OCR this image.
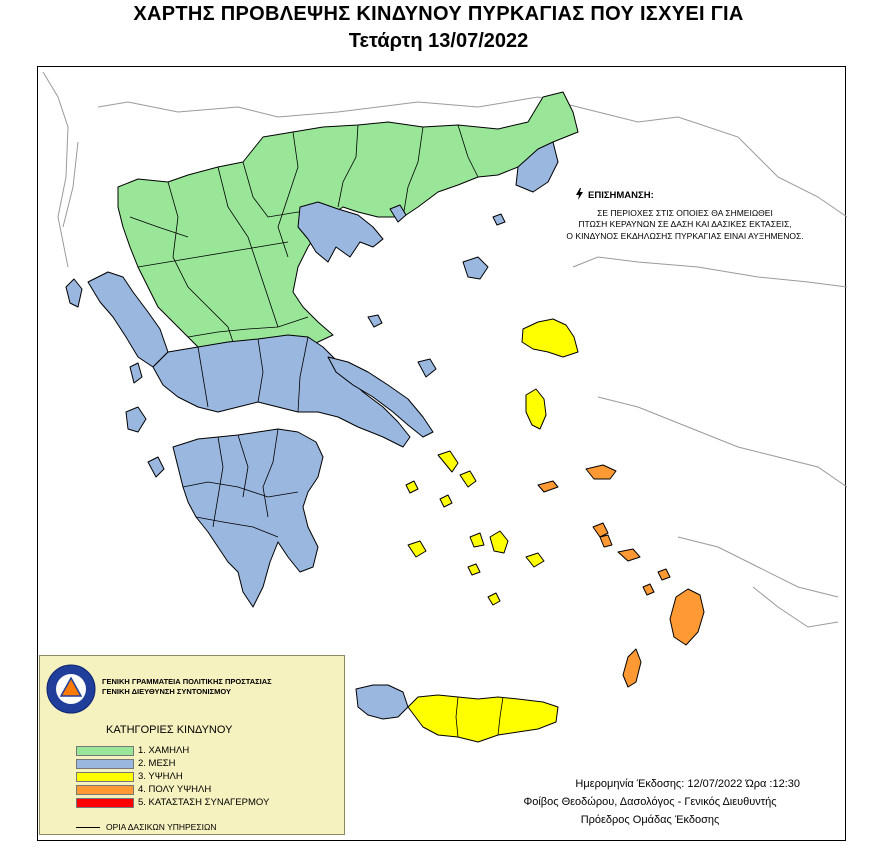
ΧΑΡΤΗΣ ΠΡΟΒΛΕΨΗΣ ΚΙΝΔΥΝΟΥ ΠΥΡΚΑΓΙΑΣ ΠΟΥ ΙΣΧΥΕΙ ΓΙΑ
Τετάρτη 13/07/2022
ΕΠΙΣΗΜΑΝΣΗ:
ΣΕ ΠΕΡΙΟΧΕΣ ΣΤΙΣ ΟΠΟΙΕΣ ΘΑ ΣΗΜΕΙΩΘΕΙ
ΠΤΩΣΗ ΚΕΡΑΥΝΩΝ ΣΕ ΔΑΣΗ ΚΑΙ ΔΑΣΙΚΕΣ ΕΚΤΑΣΕΙΣ,
Ο ΚΙΝΔΥΝΟΣ ΕΚΔΗΛΩΣΗΣ ΠΥΡΚΑΓΙΑΣ ΕΙΝΑΙ ΑΥΞΗΜΕΝΟΣ.
ΓΕΝΙΚΗ ΓΡΑΜΜΑΤΕΙΑ ΠΟΛΙΤΙΚΗΣ ΠΡΟΣΤΑΣΙΑΣ
ΓΕΝΙΚΗ ΔΙΕΥΘΥΝΣΗ ΣΥΝΤΟΝΙΣΜΟΥ
ΚΑΤΗΓΟΡΙΕΣ ΚΙΝΔΥΝΟΥ
1. ΧΑΜΗΛΗ
2. ΜΕΣΗ
3. ΥΨΗΛΗ
4. ΠΟΛΥ ΥΨΗΛΗ
5. ΚΑΤΑΣΤΑΣΗ ΣΥΝΑΓΕΡΜΟΥ
ΟΡΙΑ ΔΑΣΙΚΩΝ ΥΠΗΡΕΣΙΩΝ
Ημερομηνία Έκδοσης: 12/07/2022 Ώρα :12:30
Φοίβος Θεοδώρου, Δασολόγος - Γενικός Διευθυντής
Πρόεδρος Ομάδας Έκδοσης
